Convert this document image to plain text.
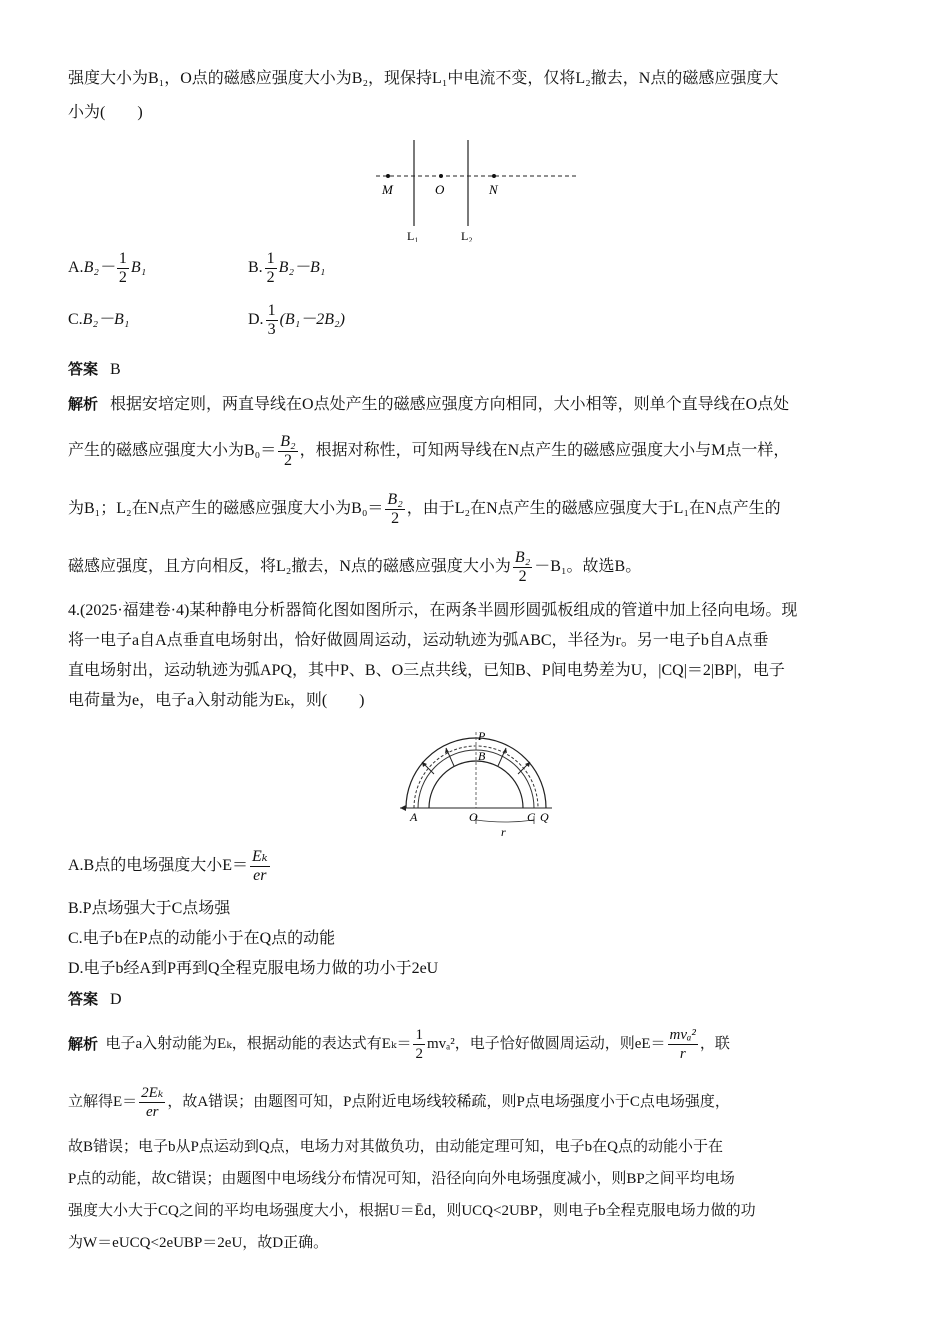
强度大小为B₁，O点的磁感应强度大小为B₂，现保持L₁中电流不变，仅将L₂撤去，N点的磁感应强度大

小为(　　)

M	O	N
L₁	L₂
A. $B_2- \frac{1}{2} B_1$	B. $\frac{1}{2} B_2-B_1$
C. B₂－B₁	D. $\frac{1}{3} (B_1-2B_2)$

答案 B

解析 根据安培定则，两直导线在O点处产生的磁感应强度方向相同，大小相等，则单个直导线在O点处

产生的磁感应强度大小为$B_0= \frac{\text{B₂}}{2}$ ，根据对称性，可知两导线在N点产生的磁感应强度大小与M点一样，
为B₁；L₂在N点产生的磁感应强度大小为$B_0= \frac{\text{B₂}}{2}$ ，由于L₂在N点产生的磁感应强度大于L₁在N点产生的
磁感应强度，且方向相反，将L₂撤去，N点的磁感应强度大小为 $\frac{\text{B₂}}{2} -B_1$。故选B。

4.(2025·福建卷·4)某种静电分析器简化图如图所示，在两条半圆形圆弧板组成的管道中加上径向电场。现

将一电子a自A点垂直电场射出，恰好做圆周运动，运动轨迹为弧ABC，半径为r。另一电子b自A点垂

直电场射出，运动轨迹为弧APQ，其中P、B、O三点共线，已知B、P间电势差为U，|CQ|＝2|BP|，电子

电荷量为e，电子a入射动能为Eₖ，则(　　)

P
B
A	O	C Q
r
A.B点的电场强度大小$E= \frac{\text{Eₖ}}{er}$

B.P点场强大于C点场强

C.电子b在P点的动能小于在Q点的动能

D.电子b经A到P再到Q全程克服电场力做的功小于2eU

答案 D

解析
电子a入射动能为Eₖ，根据动能的表达式有$E_k= \frac{1}{2} mv_a^2$，电子恰好做圆周运动，则$eE= \frac{\text{mvₐ²}}{r}$ ，联
立解得$E= \frac{\text{2Eₖ}}{er}$ ，故A错误；由题图可知，P点附近电场线较稀疏，则P点电场强度小于C点电场强度，

故B错误；电子b从P点运动到Q点，电场力对其做负功，由动能定理可知，电子b在Q点的动能小于在

P点的动能，故C错误；由题图中电场线分布情况可知，沿径向向外电场强度减小，则BP之间平均电场

强度大小大于CQ之间的平均电场强度大小，根据U＝Ēd，则UCQ<2UBP，则电子b全程克服电场力做的功

为W＝eUCQ<2eUBP＝2eU，故D正确。
